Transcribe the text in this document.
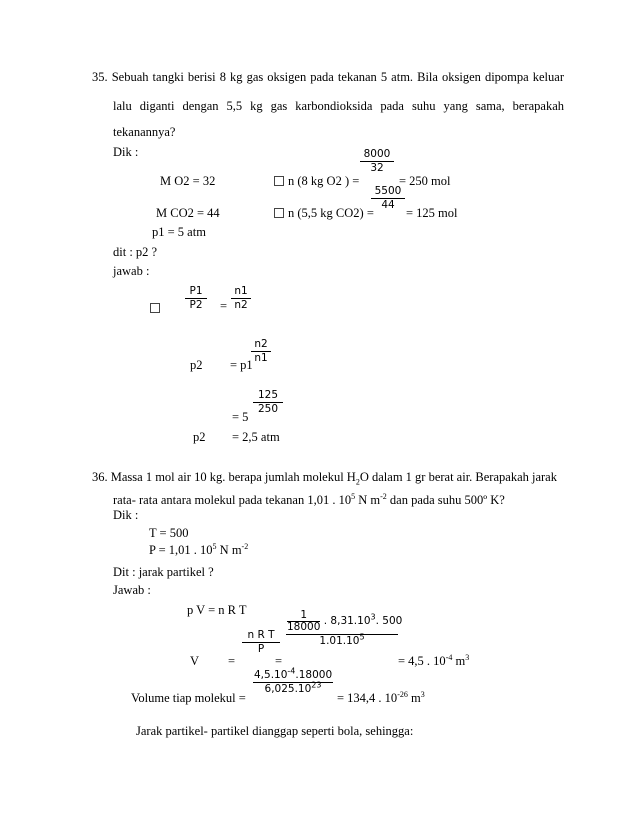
35. Sebuah tangki berisi 8 kg gas oksigen pada tekanan 5 atm. Bila oksigen dipompa keluar
lalu diganti dengan 5,5 kg gas karbondioksida pada suhu yang sama, berapakah
tekanannya?
Dik :
M O2 = 32	n (8 kg O2 ) =
$\frac{8000}{32}$
= 250 mol
M CO2 = 44	n (5,5 kg CO2) =
$\frac{5500}{44}$
= 125 mol
p1 = 5 atm
dit : p2 ?
jawab :
$\frac{P1}{P2} = \frac{n1}{n2}$
p2 = p1
$\frac{n2}{n1}$
= 5
$\frac{125}{250}$
p2 = 2,5 atm
36. Massa 1 mol air 10 kg. berapa jumlah molekul $H_2O$ dalam 1 gr berat air. Berapakah jarak
rata- rata antara molekul pada tekanan 1,01 . $10^5$ N $m^{-2}$ dan pada suhu 500º K?
Dik :
T = 500
P = 1,01 . $10^5$ N $m^{-2}$
Dit : jarak partikel ?
Jawab :
p V = n R T
V =
$\frac{\text{n R T}}{P}$
=
$\frac{\frac{1}{18000} . 8,31.10^3. 500}{1.01.10^5}$
= 4,5 . $10^{-4}$ $m^3$
Volume tiap molekul =
$\frac{4,5.10^{-4}.18000}{6,025.10^{23}}$
= 134,4 . $10^{-26}$ $m^3$
Jarak partikel- partikel dianggap seperti bola, sehingga:
